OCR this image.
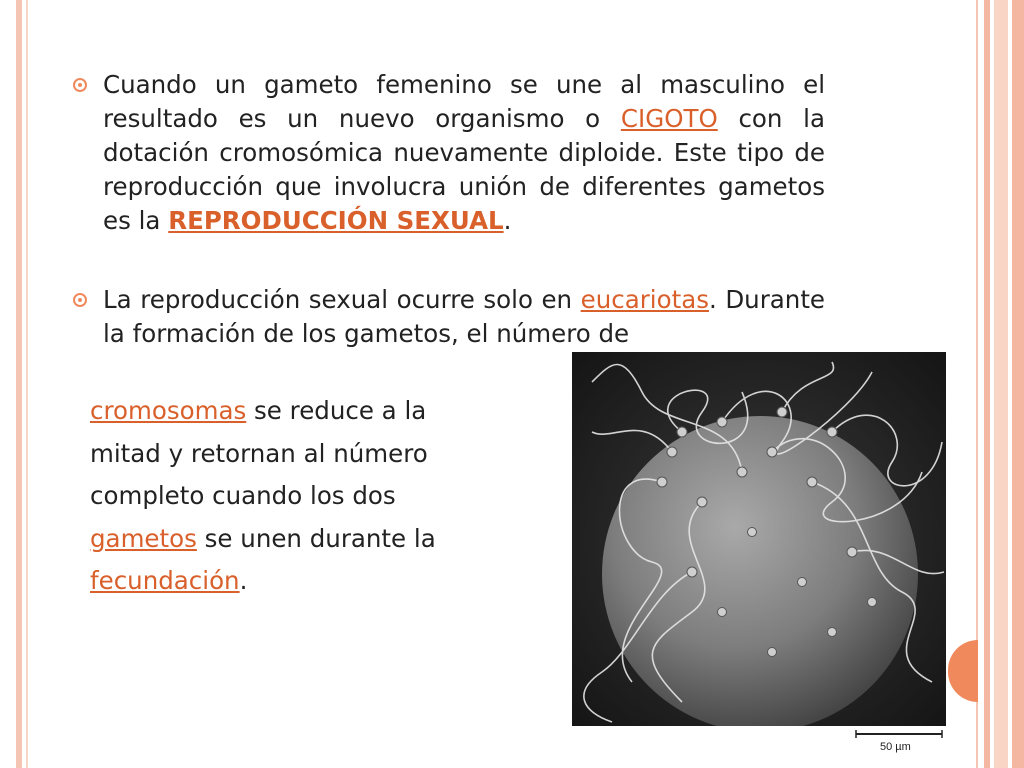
Cuando un gameto femenino se une al masculino el resultado es un nuevo organismo o CIGOTO con la dotación cromosómica nuevamente diploide. Este tipo de reproducción que involucra unión de diferentes gametos es la REPRODUCCIÓN SEXUAL.
La reproducción sexual ocurre solo en eucariotas. Durante la formación de los gametos, el número de
cromosomas se reduce a la
mitad y retornan al número
completo cuando los dos
gametos se unen durante la
fecundación.
50 µm
